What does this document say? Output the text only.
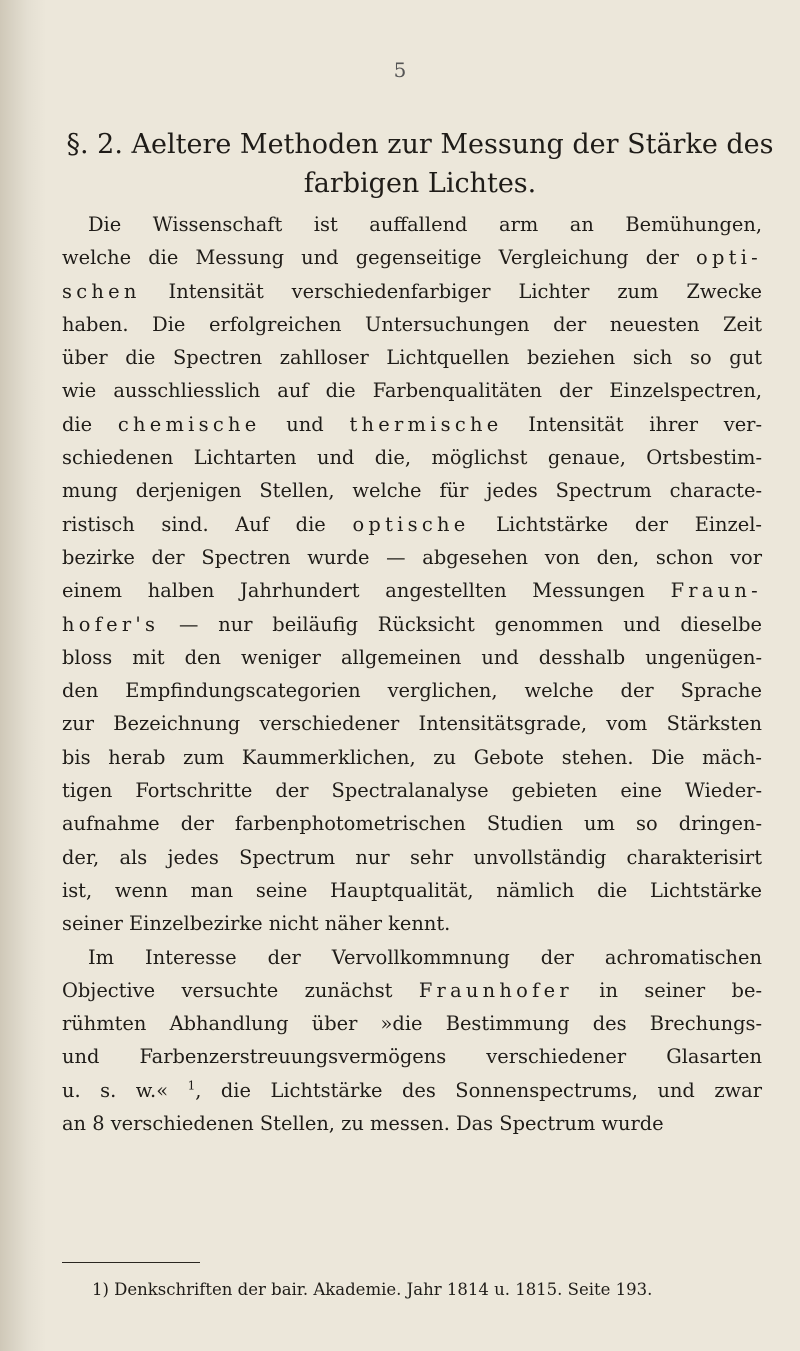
5
§. 2. Aeltere Methoden zur Messung der Stärke des
farbigen Lichtes.
Die Wissenschaft ist auffallend arm an Bemühungen,
welche die Messung und gegenseitige Vergleichung der opti-
schen Intensität verschiedenfarbiger Lichter zum Zwecke
haben. Die erfolgreichen Untersuchungen der neuesten Zeit
über die Spectren zahlloser Lichtquellen beziehen sich so gut
wie ausschliesslich auf die Farbenqualitäten der Einzelspectren,
die chemische und thermische Intensität ihrer ver-
schiedenen Lichtarten und die, möglichst genaue, Ortsbestim-
mung derjenigen Stellen, welche für jedes Spectrum characte-
ristisch sind. Auf die optische Lichtstärke der Einzel-
bezirke der Spectren wurde — abgesehen von den, schon vor
einem halben Jahrhundert angestellten Messungen Fraun-
hofer's — nur beiläufig Rücksicht genommen und dieselbe
bloss mit den weniger allgemeinen und desshalb ungenügen-
den Empfindungscategorien verglichen, welche der Sprache
zur Bezeichnung verschiedener Intensitätsgrade, vom Stärksten
bis herab zum Kaummerklichen, zu Gebote stehen. Die mäch-
tigen Fortschritte der Spectralanalyse gebieten eine Wieder-
aufnahme der farbenphotometrischen Studien um so dringen-
der, als jedes Spectrum nur sehr unvollständig charakterisirt
ist, wenn man seine Hauptqualität, nämlich die Lichtstärke
seiner Einzelbezirke nicht näher kennt.
Im Interesse der Vervollkommnung der achromatischen
Objective versuchte zunächst Fraunhofer in seiner be-
rühmten Abhandlung über »die Bestimmung des Brechungs-
und Farbenzerstreuungsvermögens verschiedener Glasarten
u. s. w.« $^1$, die Lichtstärke des Sonnenspectrums, und zwar
an 8 verschiedenen Stellen, zu messen. Das Spectrum wurde
1) Denkschriften der bair. Akademie. Jahr 1814 u. 1815. Seite 193.
